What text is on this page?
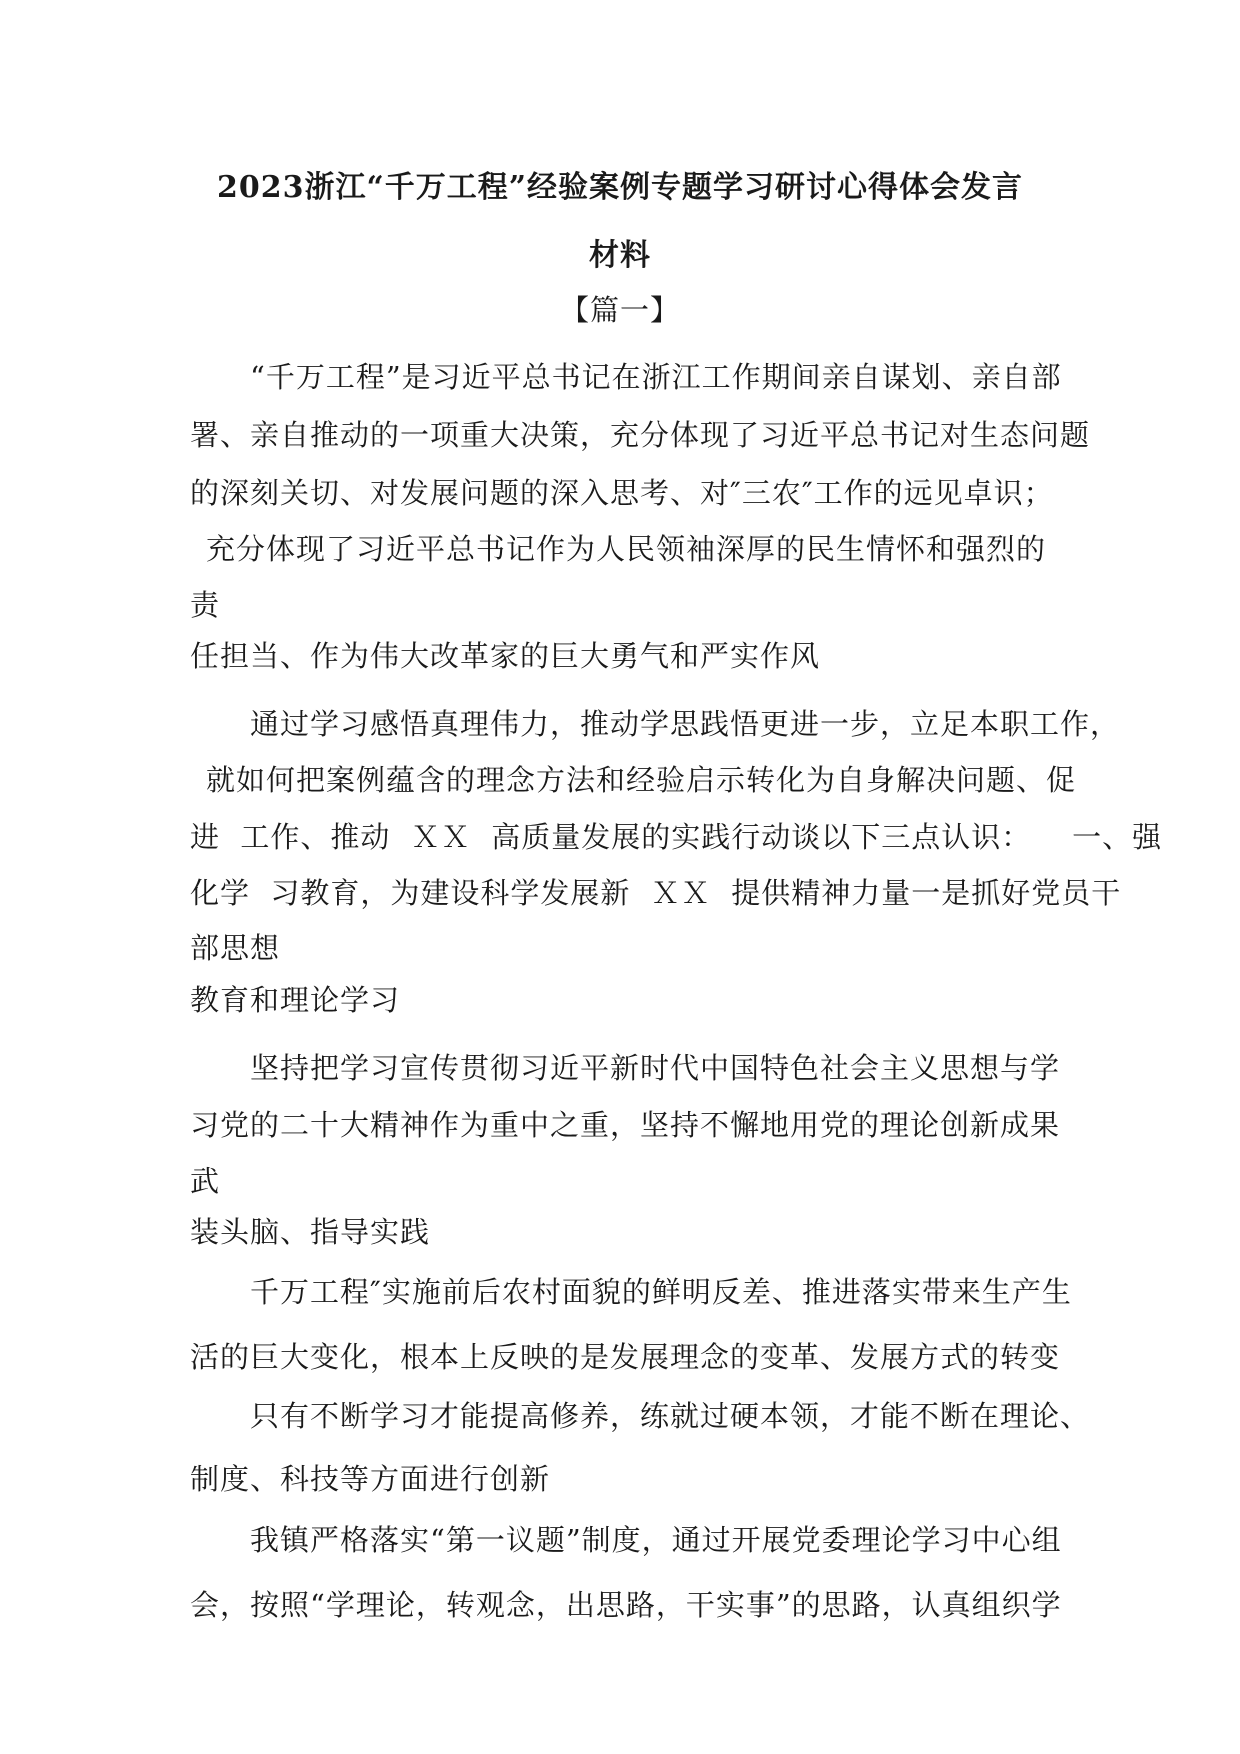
2023浙江“千万工程”经验案例专题学习研讨心得体会发言
材料
【篇一】
“千万工程”是习近平总书记在浙江工作期间亲自谋划、亲自部
署、亲自推动的一项重大决策，充分体现了习近平总书记对生态问题
的深刻关切、对发展问题的深入思考、对″三农″工作的远见卓识；
充分体现了习近平总书记作为人民领袖深厚的民生情怀和强烈的
责
任担当、作为伟大改革家的巨大勇气和严实作风
通过学习感悟真理伟力，推动学思践悟更进一步，立足本职工作，
就如何把案例蕴含的理念方法和经验启示转化为自身解决问题、促
进  工作、推动  ＸＸ  高质量发展的实践行动谈以下三点认识：    一、强
化学  习教育，为建设科学发展新  ＸＸ  提供精神力量一是抓好党员干
部思想
教育和理论学习
坚持把学习宣传贯彻习近平新时代中国特色社会主义思想与学
习党的二十大精神作为重中之重，坚持不懈地用党的理论创新成果
武
装头脑、指导实践
千万工程″实施前后农村面貌的鲜明反差、推进落实带来生产生
活的巨大变化，根本上反映的是发展理念的变革、发展方式的转变
只有不断学习才能提高修养，练就过硬本领，才能不断在理论、
制度、科技等方面进行创新
我镇严格落实“第一议题”制度，通过开展党委理论学习中心组
会，按照“学理论，转观念，出思路，干实事”的思路，认真组织学
